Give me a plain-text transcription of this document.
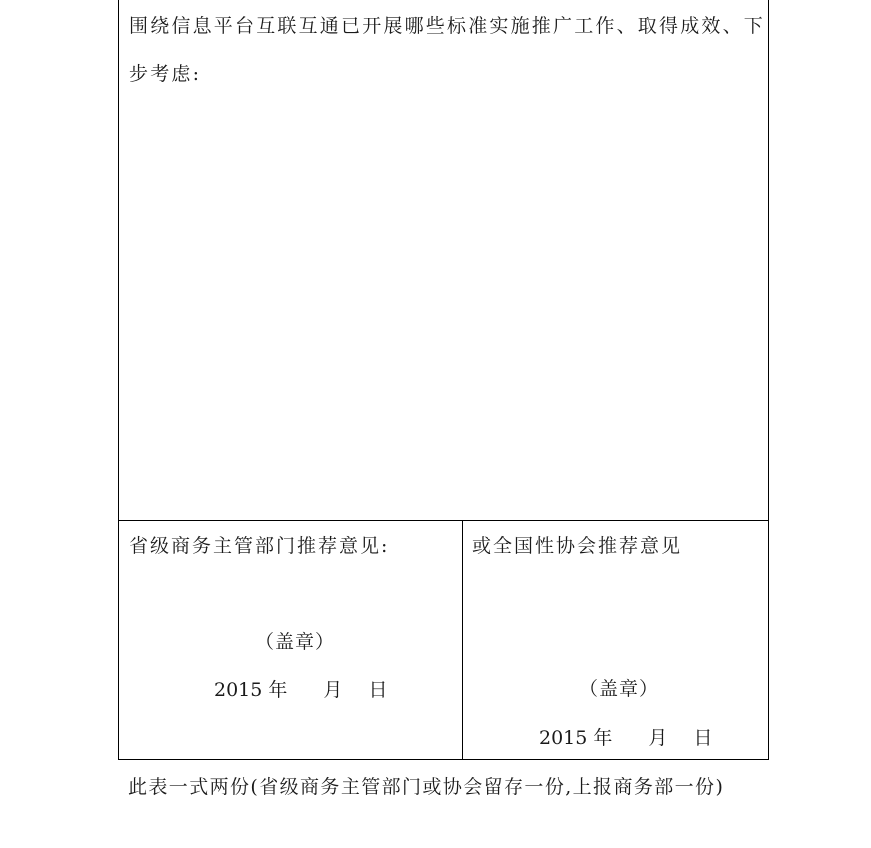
围绕信息平台互联互通已开展哪些标准实施推广工作、取得成效、下步考虑:

省级商务主管部门推荐意见:
（盖章）
2015 年 月 日
或全国性协会推荐意见
（盖章）
2015 年 月 日
此表一式两份(省级商务主管部门或协会留存一份,上报商务部一份)
